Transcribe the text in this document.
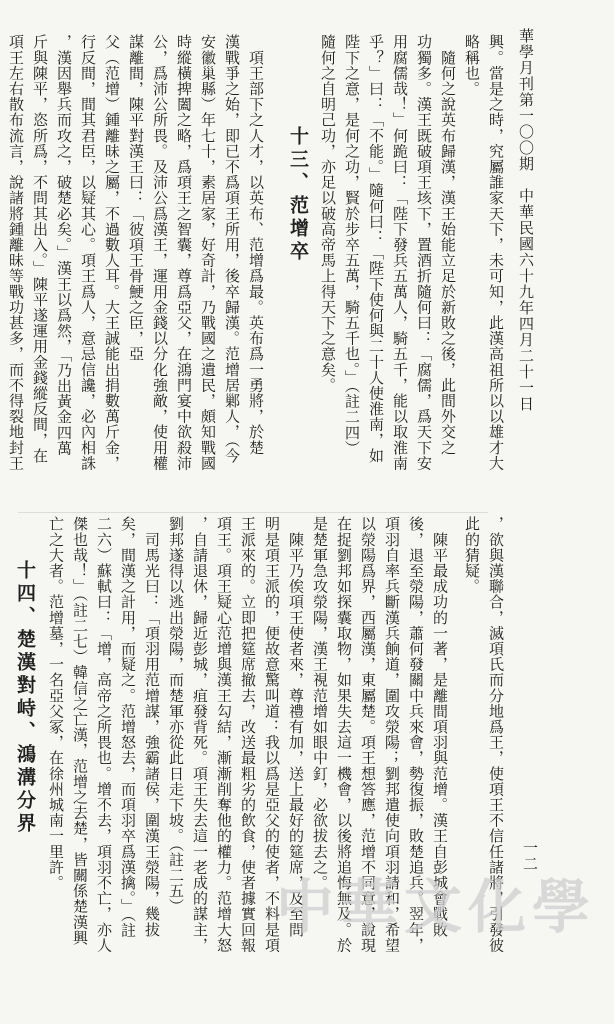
華學月刊第一〇〇期　中華民國六十九年四月二十一日
一二
興。當是之時，究屬誰家天下，未可知，此漢高祖所以以雄才大
略稱也。
　隨何之說英布歸漢，漢王始能立足於新敗之後，此間外交之
功獨多。漢王既破項王垓下，置酒折隨何曰：「腐儒，爲天下安
用腐儒哉！」何跪曰：「陛下發兵五萬人，騎五千，能以取淮南
乎？」曰：「不能。」隨何曰：「陛下使何與二十人使淮南，如
陛下之意，是何之功，賢於步卒五萬，騎五千也。」（註二四）
隨何之自明己功，亦足以破高帝馬上得天下之意矣。
十三、范增卒
　項王部下之人才，以英布、范增爲最。英布爲一勇將，於楚
漢戰爭之始，即已不爲項王所用，後卒歸漢。范增居鄛人，（今
安徽巢縣）年七十，素居家，好奇計，乃戰國之遺民，頗知戰國
時縱橫捭闔之略，爲項王之智囊，尊爲亞父，在鴻門宴中欲殺沛
公，爲沛公所畏。及沛公爲漢王，運用金錢以分化強敵，使用權
謀離間，陳平對漢王曰：「彼項王骨鯁之臣，亞
父（范增）鍾離昧之屬，不過數人耳。大王誠能出捐數萬斤金，
行反間，間其君臣，以疑其心。項王爲人，意忌信讒，必內相誅
，漢因舉兵而攻之，破楚必矣。」漢王以爲然，「乃出黃金四萬
斤與陳平，恣所爲，不問其出入。」陳平遂運用金錢縱反間，在
項王左右散布流言，說諸將鍾離昧等戰功甚多，而不得裂地封王
，欲與漢聯合，滅項氏而分地爲王，使項王不信任諸將，引發彼
此的猜疑。
　陳平最成功的一著，是離間項羽與范增。漢王自彭城會戰敗
後，退至滎陽，蕭何發關中兵來會，勢復振，敗楚追兵。翌年，
項羽自率兵斷漢兵餉道，圍攻滎陽；劉邦遣使向項羽請和，希望
以滎陽爲界，西屬漢，東屬楚。項王想答應，范增不同意，說現
在捉劉邦如探囊取物，如果失去這一機會，以後將追悔無及。於
是楚軍急攻滎陽，漢王視范增如眼中釘，必欲拔去之。
　陳平乃俟項王使者來，尊禮有加，送上最好的筵席，及至問
明是項王派的，便故意驚叫道：我以爲是亞父的使者，不料是項
王派來的。立即把筵席撤去，改送最粗劣的飲食，使者據實回報
項王。項王疑心范增與漢王勾結，漸漸削奪他的權力。范增大怒
，自請退休，歸近彭城，疽發背死。項王失去這一老成的謀主，
劉邦遂得以逃出滎陽，而楚軍亦從此日走下坡。（註二五）
　司馬光曰：「項羽用范增謀，強霸諸侯，圍漢王滎陽，幾拔
矣，間漢之計用，而疑之。范增怒去，而項羽卒爲漢擒。」（註
二六）蘇軾曰：「增，高帝之所畏也。增不去，項羽不亡，亦人
傑也哉！」（註二七）韓信之亡漢，范增之去楚，皆關係楚漢興
亡之大者。范增墓，一名亞父冢，在徐州城南一里許。
十四、楚漢對峙、鴻溝分界
中華文化學
